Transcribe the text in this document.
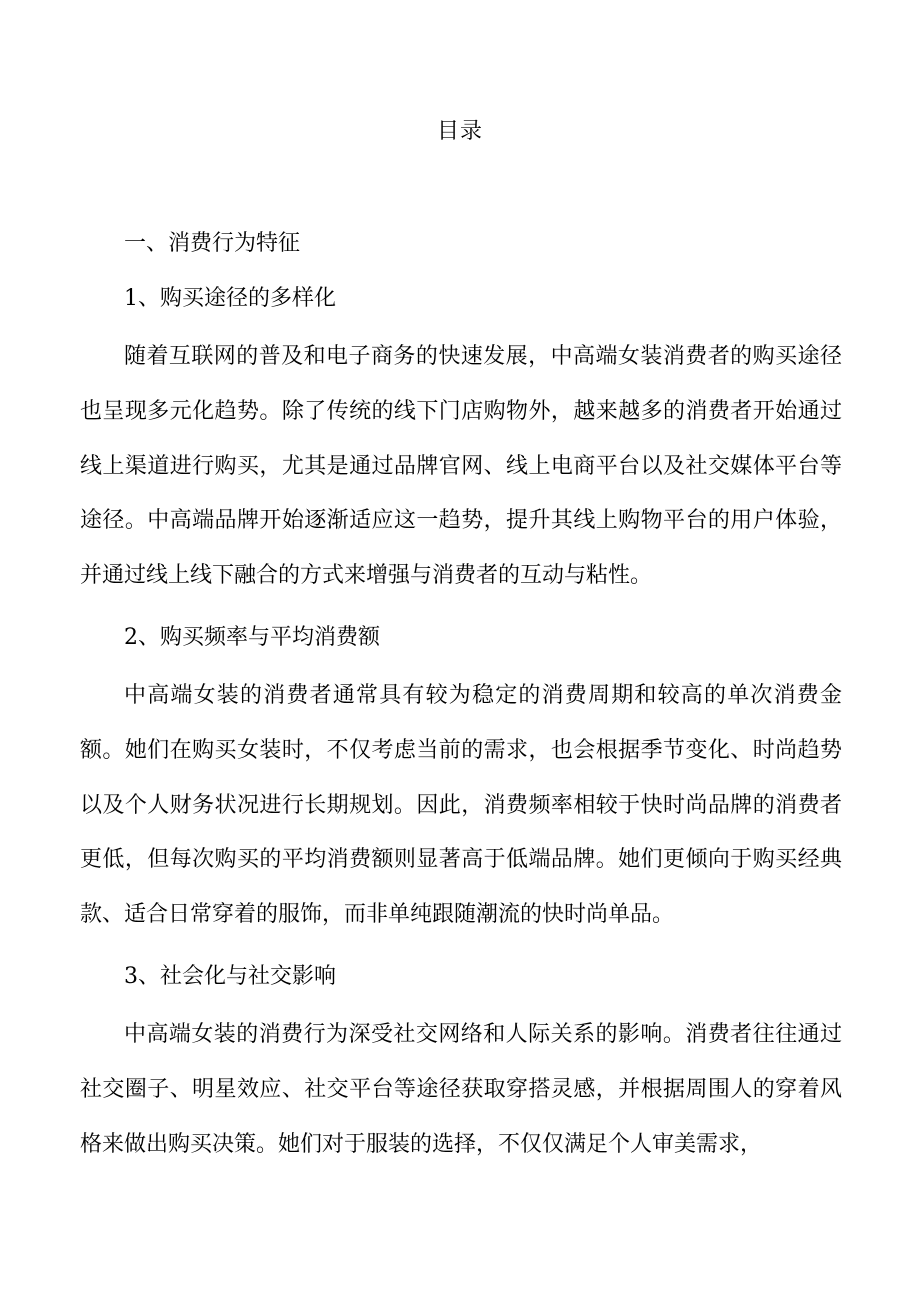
目录
一、消费行为特征
1、购买途径的多样化

随着互联网的普及和电子商务的快速发展，中高端女装消费者的购买途径也呈现多元化趋势。除了传统的线下门店购物外，越来越多的消费者开始通过线上渠道进行购买，尤其是通过品牌官网、线上电商平台以及社交媒体平台等途径。中高端品牌开始逐渐适应这一趋势，提升其线上购物平台的用户体验，并通过线上线下融合的方式来增强与消费者的互动与粘性。

2、购买频率与平均消费额

中高端女装的消费者通常具有较为稳定的消费周期和较高的单次消费金额。她们在购买女装时，不仅考虑当前的需求，也会根据季节变化、时尚趋势以及个人财务状况进行长期规划。因此，消费频率相较于快时尚品牌的消费者更低，但每次购买的平均消费额则显著高于低端品牌。她们更倾向于购买经典款、适合日常穿着的服饰，而非单纯跟随潮流的快时尚单品。

3、社会化与社交影响

中高端女装的消费行为深受社交网络和人际关系的影响。消费者往往通过社交圈子、明星效应、社交平台等途径获取穿搭灵感，并根据周围人的穿着风格来做出购买决策。她们对于服装的选择，不仅仅满足个人审美需求，
